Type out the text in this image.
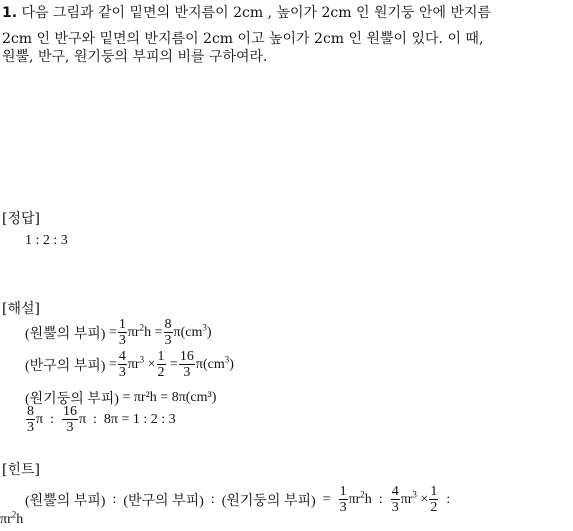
1. 다음 그림과 같이 밑면의 반지름이 2cm , 높이가 2cm 인 원기둥 안에 반지름
2cm 인 반구와 밑면의 반지름이 2cm 이고 높이가 2cm 인 원뿔이 있다. 이 때,
원뿔, 반구, 원기둥의 부피의 비를 구하여라.
[정답]
1 : 2 : 3
[해설]
(원뿔의 부피) = $\frac{1}{3} \pi r^2h = \frac{8}{3} \pi(cm^3)$
(반구의 부피) = $\frac{4}{3} \pi r^3 \times \frac{1}{2} = \frac{16}{3} \pi(cm^3)$
(원기둥의 부피)
= πr²h = 8π(cm³)
$\frac{8}{3}$ π  : $\frac{16}{3}$ π  :  8π = 1 : 2 : 3
[힌트]
(원뿔의 부피) : (반구의 부피) : (원기둥의 부피) = $\frac{1}{3} \pi r^2h$  : $\frac{4}{3} \pi r^3 \times \frac{1}{2}$ :
$\pi r^2h$
